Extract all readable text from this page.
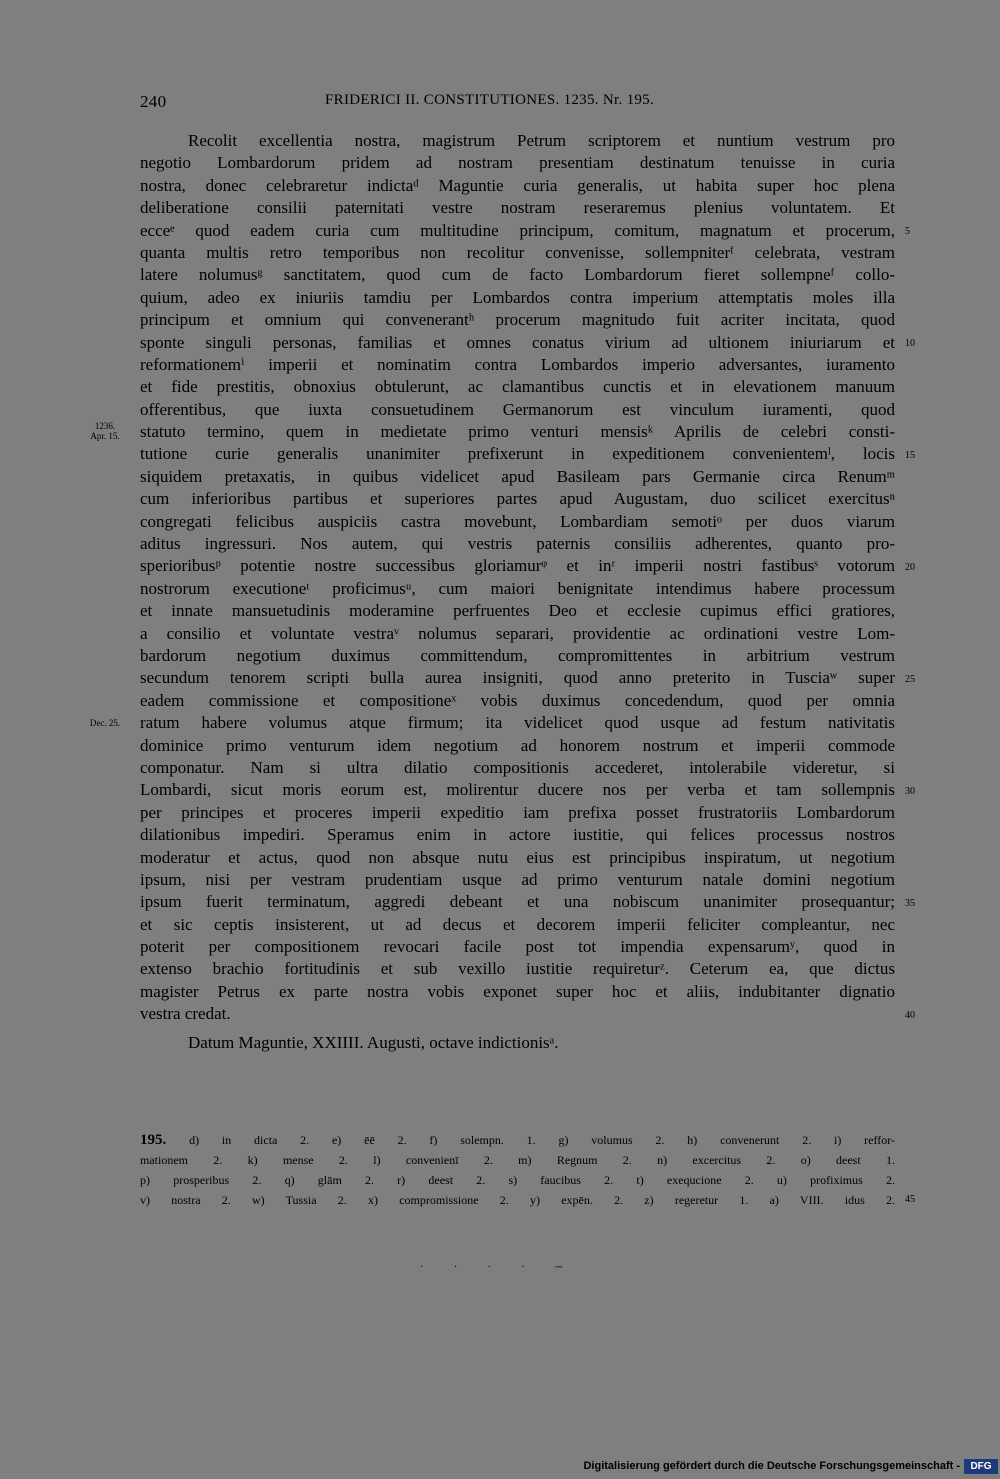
240	FRIDERICI II. CONSTITUTIONES. 1235. Nr. 195.
Recolit excellentia nostra, magistrum Petrum scriptorem et nuntium vestrum pro
negotio Lombardorum pridem ad nostram presentiam destinatum tenuisse in curia
nostra, donec celebraretur indictaᵈ Maguntie curia generalis, ut habita super hoc plena
deliberatione consilii paternitati vestre nostram reseraremus plenius voluntatem. Et
ecceᵉ quod eadem curia cum multitudine principum, comitum, magnatum et procerum,
quanta multis retro temporibus non recolitur convenisse, sollempniterᶠ celebrata, vestram
latere nolumusᵍ sanctitatem, quod cum de facto Lombardorum fieret sollempneᶠ collo-
quium, adeo ex iniuriis tamdiu per Lombardos contra imperium attemptatis moles illa
principum et omnium qui convenerantʰ procerum magnitudo fuit acriter incitata, quod
sponte singuli personas, familias et omnes conatus virium ad ultionem iniuriarum et
reformationemⁱ imperii et nominatim contra Lombardos imperio adversantes, iuramento
et fide prestitis, obnoxius obtulerunt, ac clamantibus cunctis et in elevationem manuum
offerentibus, que iuxta consuetudinem Germanorum est vinculum iuramenti, quod
statuto termino, quem in medietate primo venturi mensisᵏ Aprilis de celebri consti-
tutione curie generalis unanimiter prefixerunt in expeditionem convenientemˡ, locis
siquidem pretaxatis, in quibus videlicet apud Basileam pars Germanie circa Renumᵐ
cum inferioribus partibus et superiores partes apud Augustam, duo scilicet exercitusⁿ
congregati felicibus auspiciis castra movebunt, Lombardiam semotiᵒ per duos viarum
aditus ingressuri. Nos autem, qui vestris paternis consiliis adherentes, quanto pro-
sperioribusᵖ potentie nostre successibus gloriamurᵠ et inʳ imperii nostri fastibusˢ votorum
nostrorum executioneᵗ proficimusᵘ, cum maiori benignitate intendimus habere processum
et innate mansuetudinis moderamine perfruentes Deo et ecclesie cupimus effici gratiores,
a consilio et voluntate vestraᵛ nolumus separari, providentie ac ordinationi vestre Lom-
bardorum negotium duximus committendum, compromittentes in arbitrium vestrum
secundum tenorem scripti bulla aurea insigniti, quod anno preterito in Tusciaʷ super
eadem commissione et compositioneˣ vobis duximus concedendum, quod per omnia
ratum habere volumus atque firmum; ita videlicet quod usque ad festum nativitatis
dominice primo venturum idem negotium ad honorem nostrum et imperii commode
componatur. Nam si ultra dilatio compositionis accederet, intolerabile videretur, si
Lombardi, sicut moris eorum est, molirentur ducere nos per verba et tam sollempnis
per principes et proceres imperii expeditio iam prefixa posset frustratoriis Lombardorum
dilationibus impediri. Speramus enim in actore iustitie, qui felices processus nostros
moderatur et actus, quod non absque nutu eius est principibus inspiratum, ut negotium
ipsum, nisi per vestram prudentiam usque ad primo venturum natale domini negotium
ipsum fuerit terminatum, aggredi debeant et una nobiscum unanimiter prosequantur;
et sic ceptis insisterent, ut ad decus et decorem imperii feliciter compleantur, nec
poterit per compositionem revocari facile post tot impendia expensarumʸ, quod in
extenso brachio fortitudinis et sub vexillo iustitie requireturᶻ. Ceterum ea, que dictus
magister Petrus ex parte nostra vobis exponet super hoc et aliis, indubitanter dignatio
vestra credat.
Datum Maguntie, XXIIII. Augusti, octave indictionisᵃ.
5
10
15
20
25
30
35
40
1236.
Apr. 15.
Dec. 25.
195. d) in dicta 2. e) ēē 2. f) solempn. 1. g) volumus 2. h) convenerunt 2. i) reffor-
mationem 2. k) mense 2. l) convenienī 2. m) Regnum 2. n) excercitus 2. o) deest 1.
p) prosperibus 2. q) glām 2. r) deest 2. s) faucibus 2. t) exequcione 2. u) profiximus 2.
v) nostra 2. w) Tussia 2. x) compromissione 2. y) expēn. 2. z) regeretur 1. a) VIII. idus 2. 45
· · · · ─
Digitalisierung gefördert durch die Deutsche Forschungsgemeinschaft -	DFG
